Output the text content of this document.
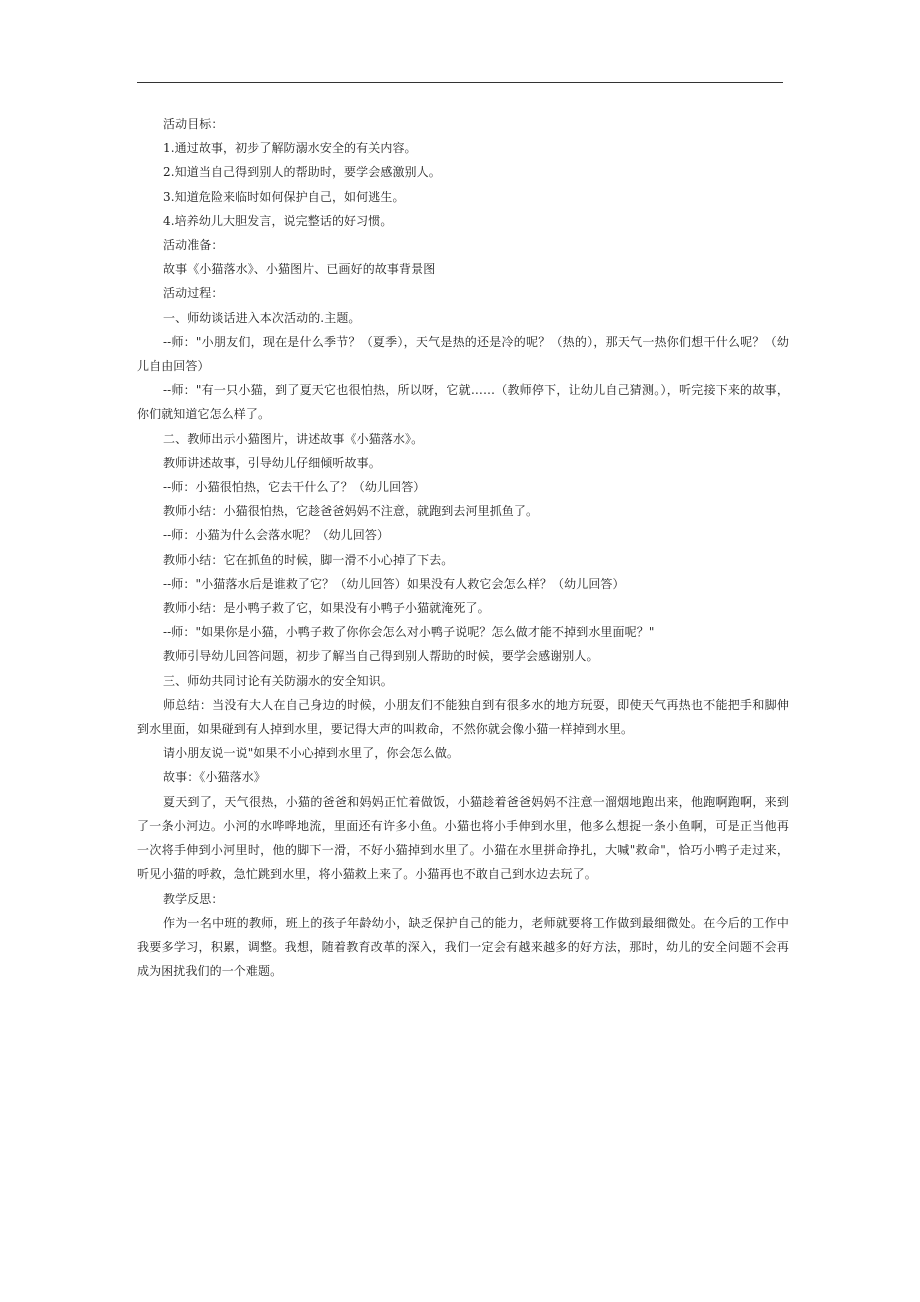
活动目标：

1.通过故事，初步了解防溺水安全的有关内容。

2.知道当自己得到别人的帮助时，要学会感激别人。

3.知道危险来临时如何保护自己，如何逃生。

4.培养幼儿大胆发言，说完整话的好习惯。

活动准备：

故事《小猫落水》、小猫图片、已画好的故事背景图

活动过程：

一、师幼谈话进入本次活动的.主题。

--师："小朋友们，现在是什么季节？（夏季），天气是热的还是冷的呢？（热的），那天气一热你们想干什么呢？（幼儿自由回答）

--师："有一只小猫，到了夏天它也很怕热，所以呀，它就……（教师停下，让幼儿自己猜测。），听完接下来的故事，你们就知道它怎么样了。

二、教师出示小猫图片，讲述故事《小猫落水》。

教师讲述故事，引导幼儿仔细倾听故事。

--师：小猫很怕热，它去干什么了？（幼儿回答）

教师小结：小猫很怕热，它趁爸爸妈妈不注意，就跑到去河里抓鱼了。

--师：小猫为什么会落水呢？（幼儿回答）

教师小结：它在抓鱼的时候，脚一滑不小心掉了下去。

--师："小猫落水后是谁救了它？（幼儿回答）如果没有人救它会怎么样？（幼儿回答）

教师小结：是小鸭子救了它，如果没有小鸭子小猫就淹死了。

--师："如果你是小猫，小鸭子救了你你会怎么对小鸭子说呢？怎么做才能不掉到水里面呢？"

教师引导幼儿回答问题，初步了解当自己得到别人帮助的时候，要学会感谢别人。

三、师幼共同讨论有关防溺水的安全知识。

师总结：当没有大人在自己身边的时候，小朋友们不能独自到有很多水的地方玩耍，即使天气再热也不能把手和脚伸到水里面，如果碰到有人掉到水里，要记得大声的叫救命，不然你就会像小猫一样掉到水里。

请小朋友说一说"如果不小心掉到水里了，你会怎么做。

故事：《小猫落水》

夏天到了，天气很热，小猫的爸爸和妈妈正忙着做饭，小猫趁着爸爸妈妈不注意一溜烟地跑出来，他跑啊跑啊，来到了一条小河边。小河的水哗哗地流，里面还有许多小鱼。小猫也将小手伸到水里，他多么想捉一条小鱼啊，可是正当他再一次将手伸到小河里时，他的脚下一滑，不好小猫掉到水里了。小猫在水里拼命挣扎，大喊"救命"，恰巧小鸭子走过来，听见小猫的呼救，急忙跳到水里，将小猫救上来了。小猫再也不敢自己到水边去玩了。

教学反思：

作为一名中班的教师，班上的孩子年龄幼小，缺乏保护自己的能力，老师就要将工作做到最细微处。在今后的工作中我要多学习，积累，调整。我想，随着教育改革的深入，我们一定会有越来越多的好方法，那时，幼儿的安全问题不会再成为困扰我们的一个难题。
